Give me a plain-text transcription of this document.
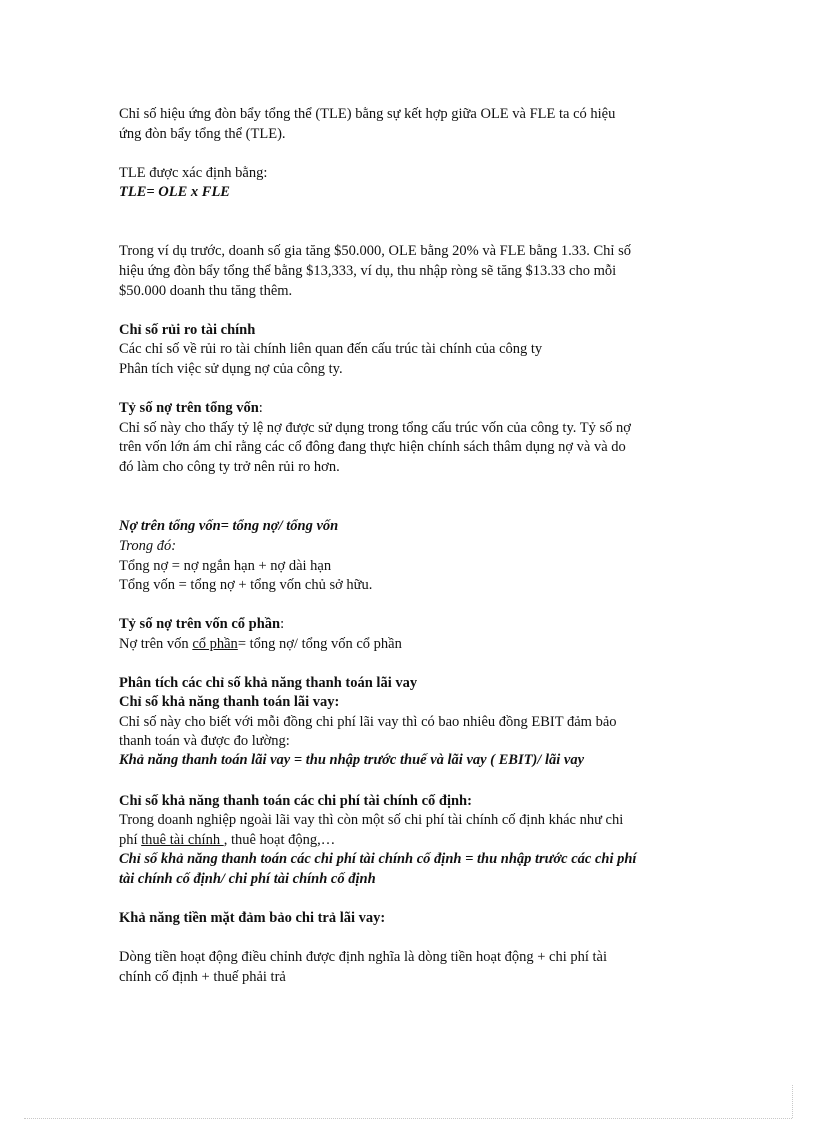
Chỉ số hiệu ứng đòn bẩy tổng thể (TLE) bằng sự kết hợp giữa OLE và FLE ta có hiệu
ứng đòn bẩy tổng thể (TLE).
TLE được xác định bằng:
TLE= OLE x FLE
Trong ví dụ trước, doanh số gia tăng $50.000, OLE bằng 20% và FLE bằng 1.33. Chỉ số
hiệu ứng đòn bẩy tổng thể bằng $13,333, ví dụ, thu nhập ròng sẽ tăng $13.33 cho mỗi
$50.000 doanh thu tăng thêm.
Chỉ số rủi ro tài chính
Các chỉ số về rủi ro tài chính liên quan đến cấu trúc tài chính của công ty
Phân tích việc sử dụng nợ của công ty.
Tỷ số nợ trên tổng vốn:
Chỉ số này cho thấy tỷ lệ nợ được sử dụng trong tổng cấu trúc vốn của công ty. Tỷ số nợ
trên vốn lớn ám chỉ rằng các cổ đông đang thực hiện chính sách thâm dụng nợ và và do
đó làm cho công ty trở nên rủi ro hơn.
Nợ trên tổng vốn= tổng nợ/ tổng vốn
Trong đó:
Tổng nợ = nợ ngắn hạn + nợ dài hạn
Tổng vốn = tổng nợ + tổng vốn chủ sở hữu.
Tỷ số nợ trên vốn cổ phần:
Nợ trên vốn cổ phần= tổng nợ/ tổng vốn cổ phần
Phân tích các chỉ số khả năng thanh toán lãi vay
Chỉ số khả năng thanh toán lãi vay:
Chỉ số này cho biết với mỗi đồng chi phí lãi vay thì có bao nhiêu đồng EBIT đảm bảo
thanh toán và được đo lường:
Khả năng thanh toán lãi vay = thu nhập trước thuế và lãi vay ( EBIT)/ lãi vay
Chỉ số khả năng thanh toán các chi phí tài chính cố định:
Trong doanh nghiệp ngoài lãi vay thì còn một số chi phí tài chính cố định khác như chi
phí thuê tài chính , thuê hoạt động,…
Chỉ số khả năng thanh toán các chi phí tài chính cố định = thu nhập trước các chi phí
tài chính cố định/ chi phí tài chính cố định
Khả năng tiền mặt đảm bảo chi trả lãi vay:
Dòng tiền hoạt động điều chỉnh được định nghĩa là dòng tiền hoạt động + chi phí tài
chính cố định + thuế phải trả
